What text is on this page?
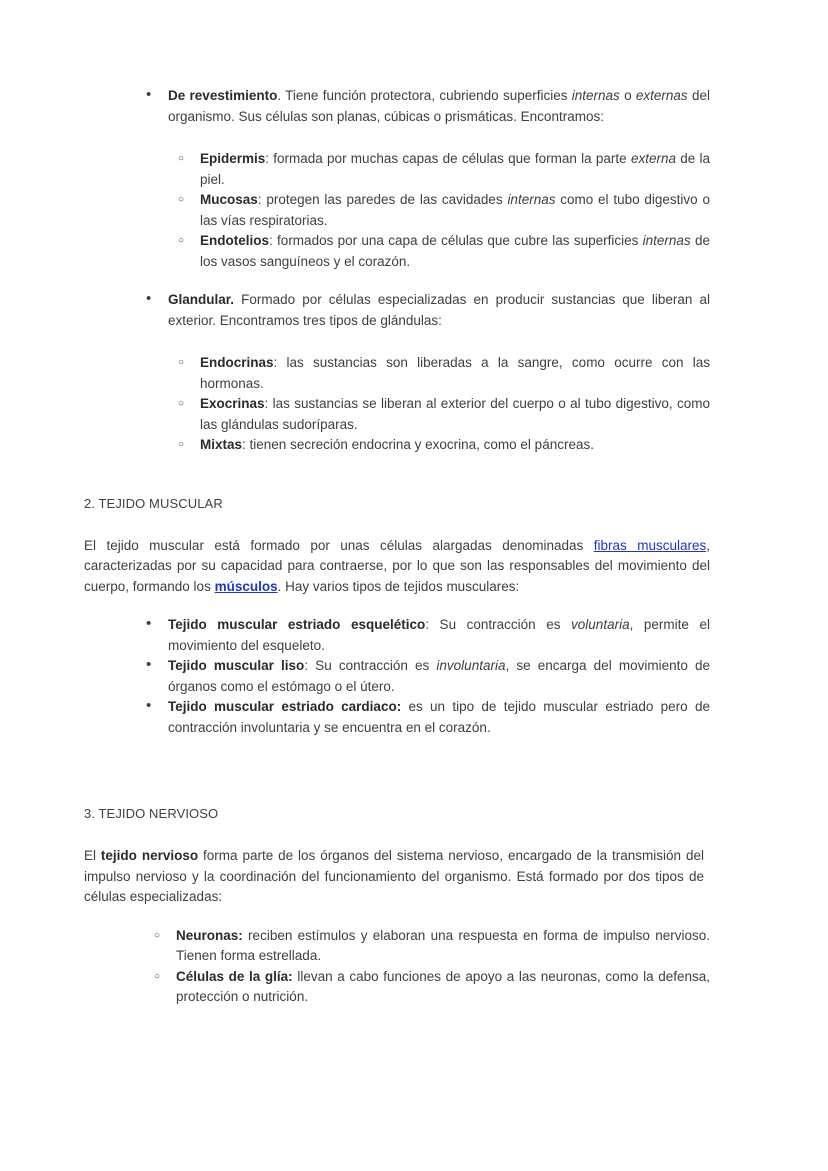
• De revestimiento. Tiene función protectora, cubriendo superficies internas o externas del organismo. Sus células son planas, cúbicas o prismáticas. Encontramos:
○ Epidermis: formada por muchas capas de células que forman la parte externa de la piel.
○ Mucosas: protegen las paredes de las cavidades internas como el tubo digestivo o las vías respiratorias.
○ Endotelios: formados por una capa de células que cubre las superficies internas de los vasos sanguíneos y el corazón.
• Glandular. Formado por células especializadas en producir sustancias que liberan al exterior. Encontramos tres tipos de glándulas:
○ Endocrinas: las sustancias son liberadas a la sangre, como ocurre con las hormonas.
○ Exocrinas: las sustancias se liberan al exterior del cuerpo o al tubo digestivo, como las glándulas sudoríparas.
○ Mixtas: tienen secreción endocrina y exocrina, como el páncreas.

2. TEJIDO MUSCULAR

El tejido muscular está formado por unas células alargadas denominadas fibras musculares, caracterizadas por su capacidad para contraerse, por lo que son las responsables del movimiento del cuerpo, formando los músculos. Hay varios tipos de tejidos musculares:

• Tejido muscular estriado esquelético: Su contracción es voluntaria, permite el movimiento del esqueleto.
• Tejido muscular liso: Su contracción es involuntaria, se encarga del movimiento de órganos como el estómago o el útero.
• Tejido muscular estriado cardiaco: es un tipo de tejido muscular estriado pero de contracción involuntaria y se encuentra en el corazón.

3. TEJIDO NERVIOSO

El tejido nervioso forma parte de los órganos del sistema nervioso, encargado de la transmisión del impulso nervioso y la coordinación del funcionamiento del organismo. Está formado por dos tipos de células especializadas:

○ Neuronas: reciben estímulos y elaboran una respuesta en forma de impulso nervioso. Tienen forma estrellada.
○ Células de la glía: llevan a cabo funciones de apoyo a las neuronas, como la defensa, protección o nutrición.
